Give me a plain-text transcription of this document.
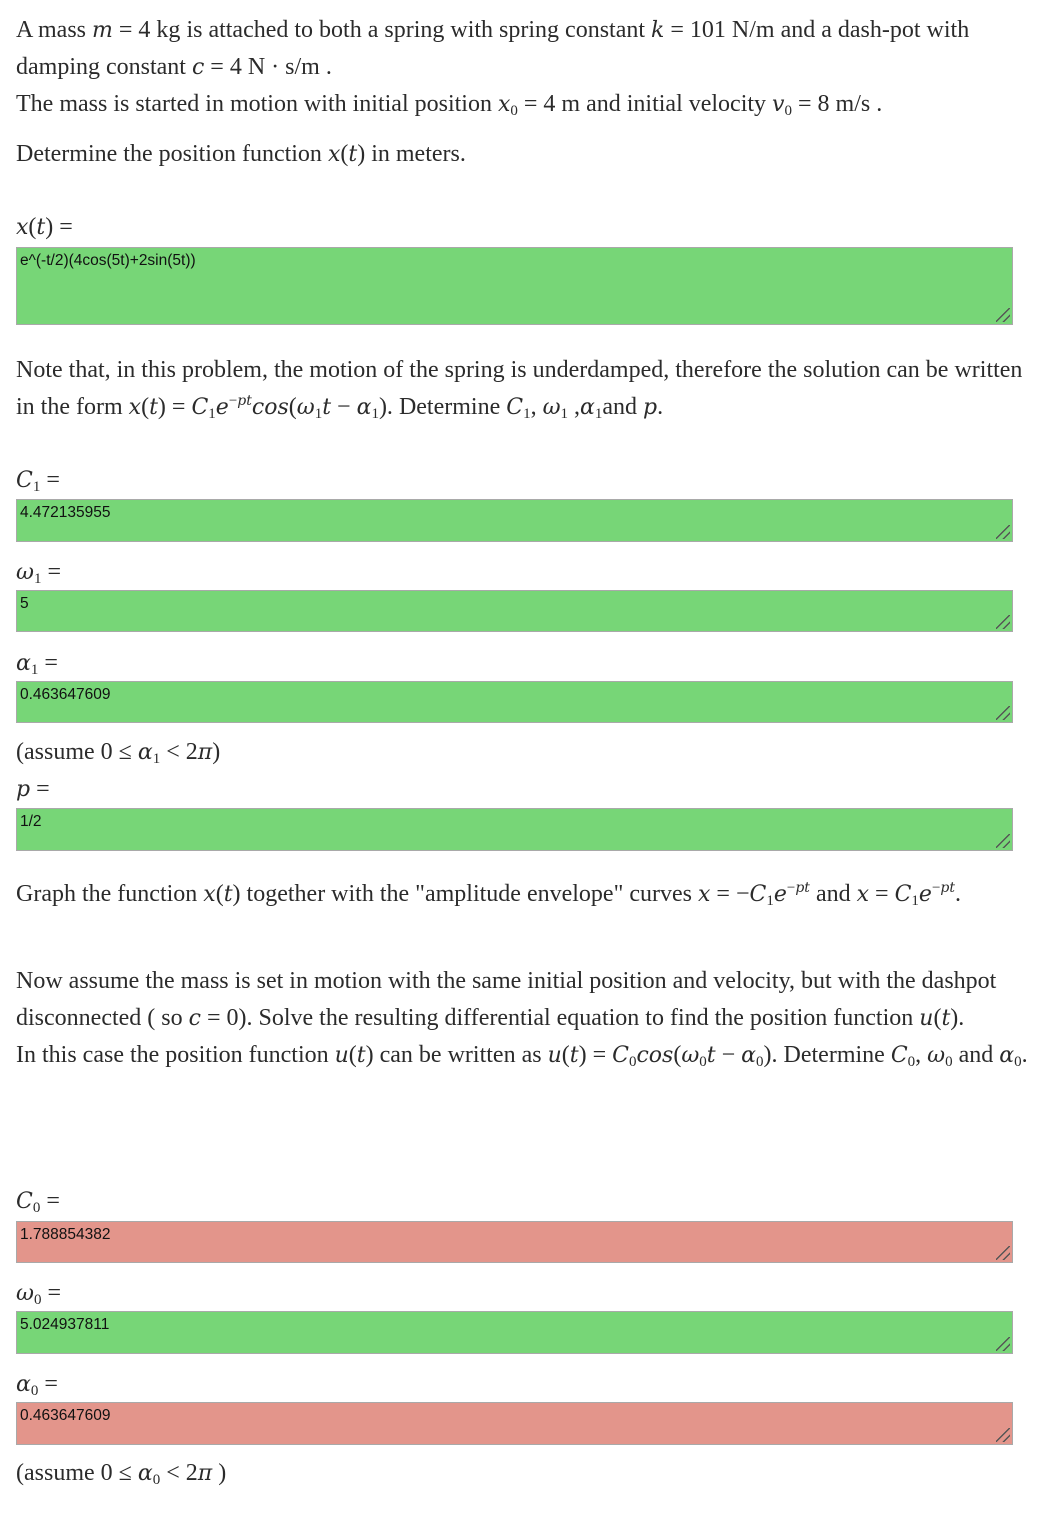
A mass m = 4 kg is attached to both a spring with spring constant k = 101 N/m and a dash-pot with damping constant c = 4 N · s/m .

The mass is started in motion with initial position $x_0 = 4$ m and initial velocity $v_0 = 8$ m/s .

Determine the position function x(t) in meters.

x(t) =
e^(-t/2)(4cos(5t)+2sin(5t))

Note that, in this problem, the motion of the spring is underdamped, therefore the solution can be written in the form $x(t) = C_1e^{-pt}\cos(\omega_1t - \alpha_1)$. Determine $C_1$, $\omega_1$ $,\alpha_1and$ p.

$C_1$ =
4.472135955
$\omega_1$ =
5
$\alpha_1$ =
0.463647609
(assume $0 \le \alpha_1 < 2\pi$)
p =
1/2

Graph the function x(t) together with the "amplitude envelope" curves $x = -C_1e^{-pt}$ and $x = C_1e^{-pt}$.

Now assume the mass is set in motion with the same initial position and velocity, but with the dashpot disconnected ( so c = 0). Solve the resulting differential equation to find the position function u(t).

In this case the position function u(t) can be written as $u(t) = C_0\cos(\omega_0t - \alpha_0)$. Determine $C_0$, $\omega_0$ and $\alpha_0$.

$C_0$ =
1.788854382
$\omega_0$ =
5.024937811
$\alpha_0$ =
0.463647609
(assume $0 \le \alpha_0 < 2\pi$ )
